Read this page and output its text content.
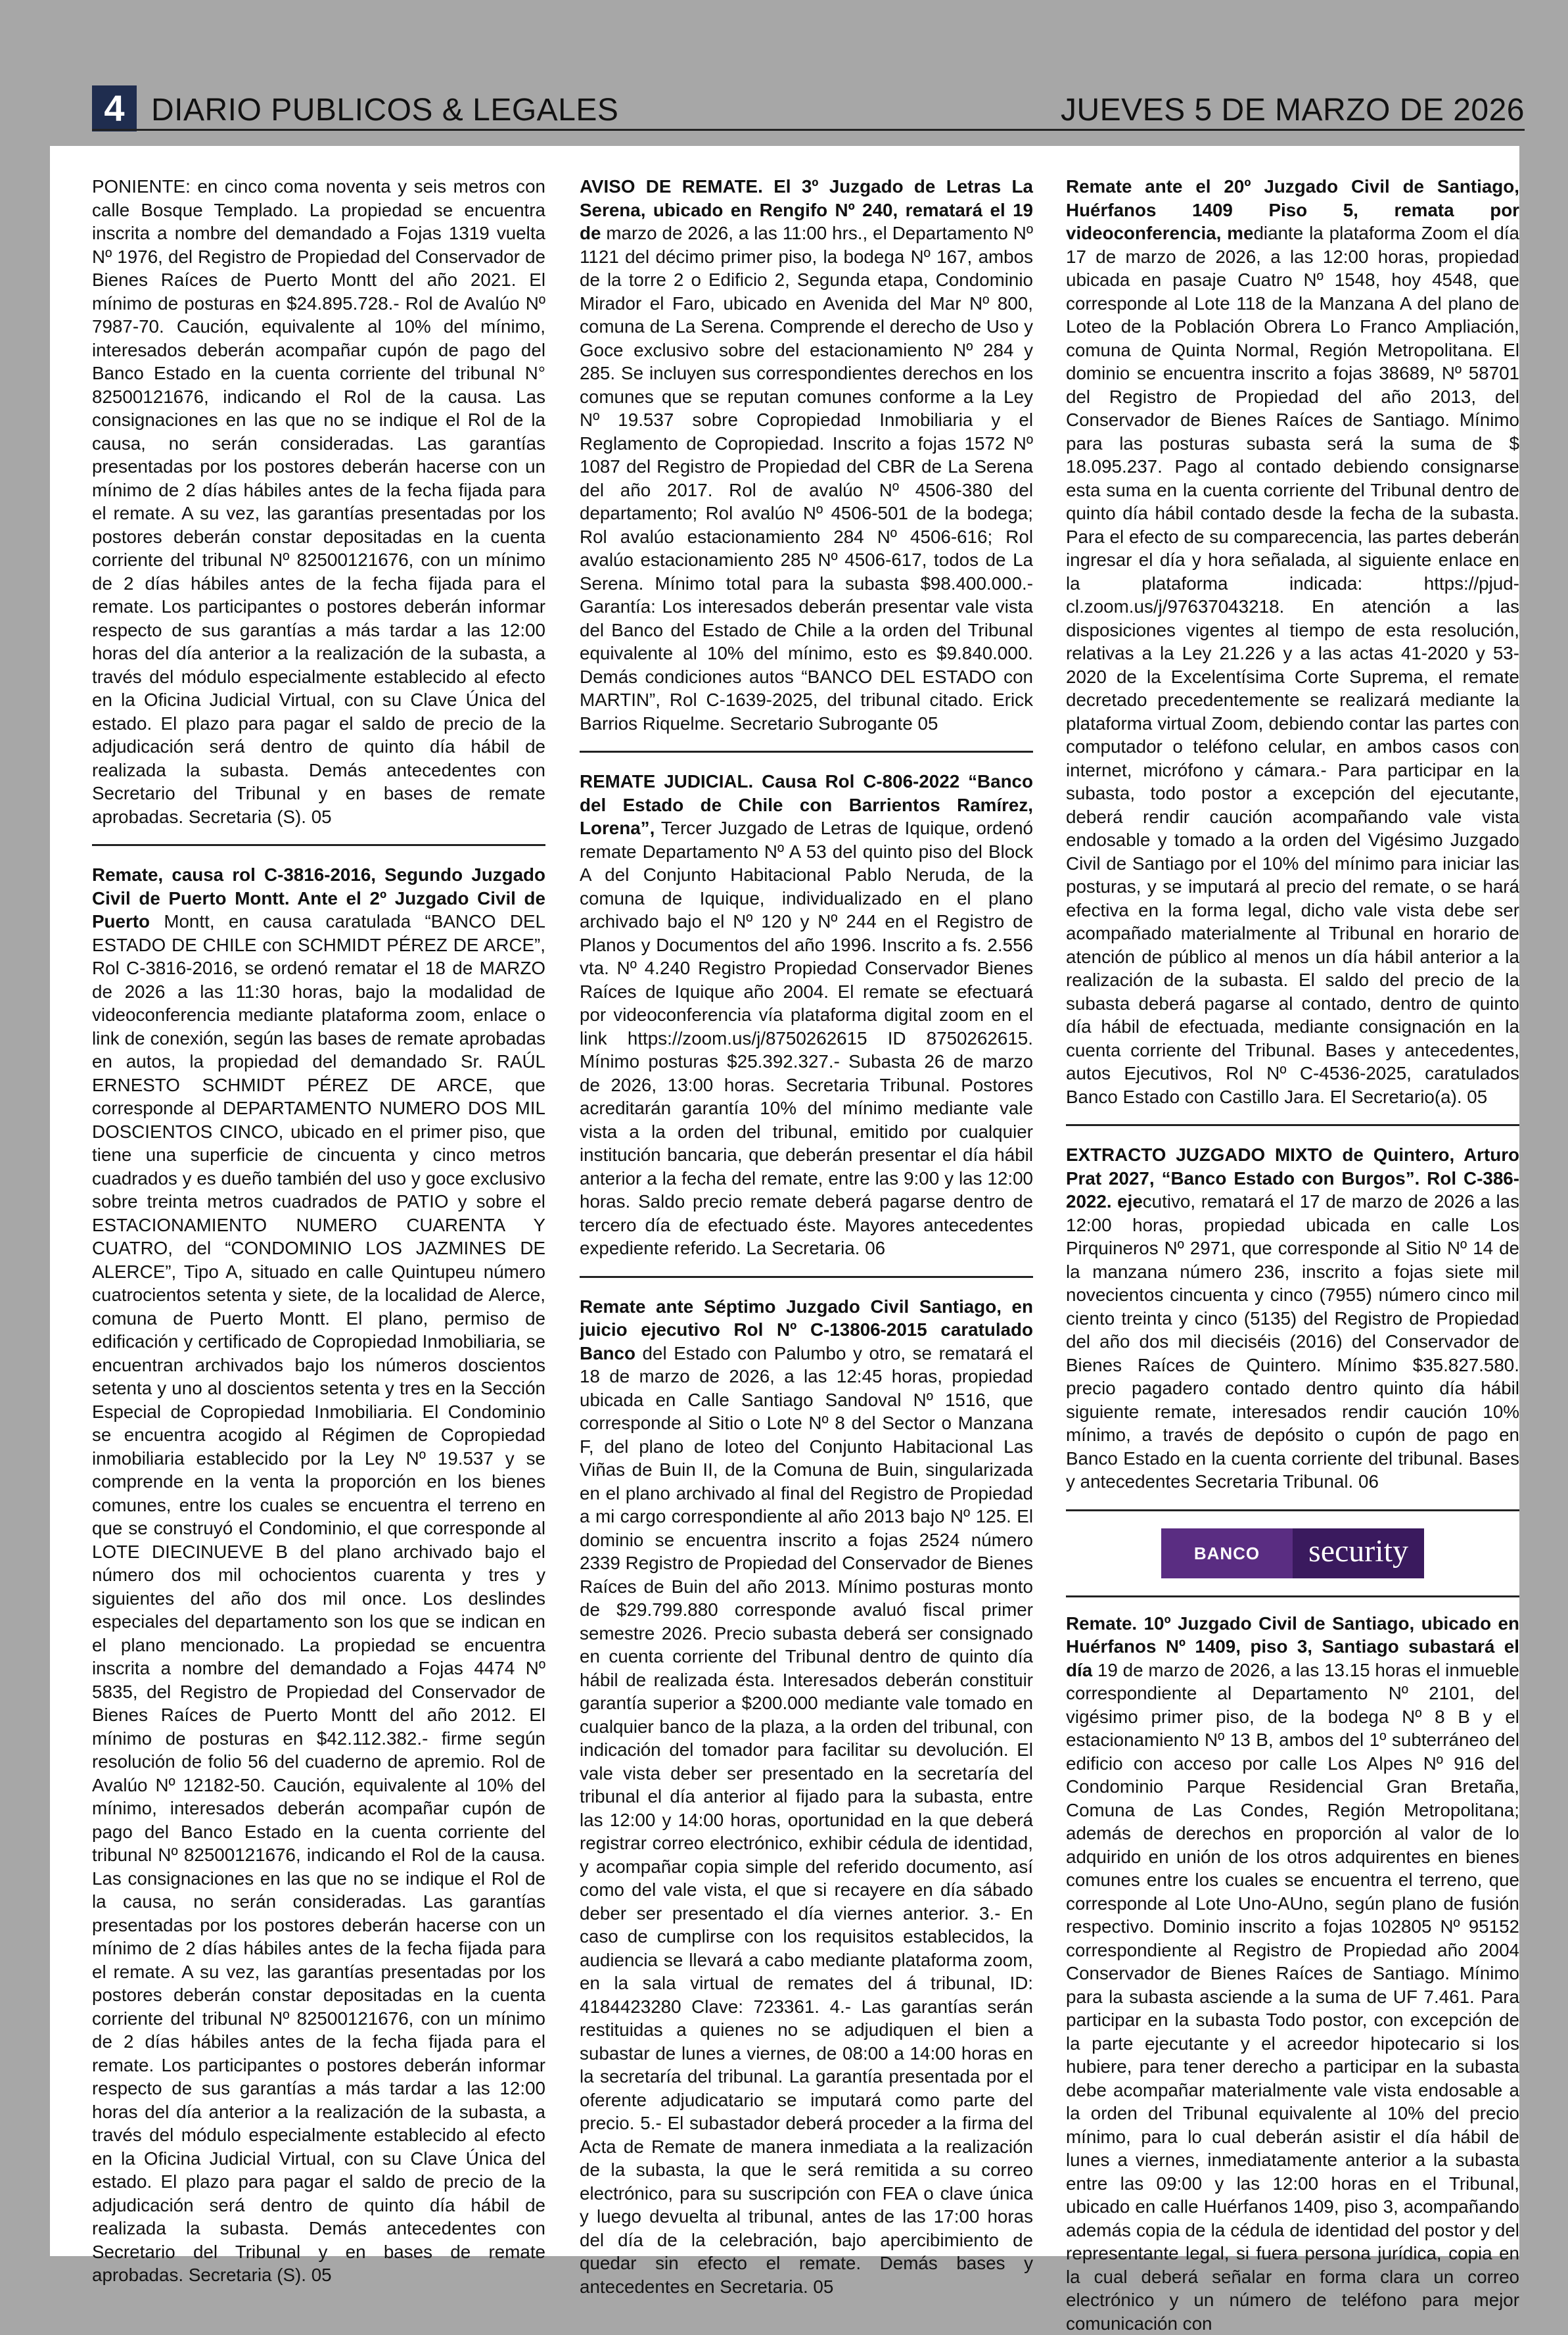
4 DIARIO PUBLICOS & LEGALES	JUEVES 5 DE MARZO DE 2026

PONIENTE: en cinco coma noventa y seis metros con calle Bosque Templado. La propiedad se encuentra inscrita a nombre del demandado a Fojas 1319 vuelta Nº 1976, del Registro de Propiedad del Conservador de Bienes Raíces de Puerto Montt del año 2021. El mínimo de posturas en $24.895.728.- Rol de Avalúo Nº 7987-70. Caución, equivalente al 10% del mínimo, interesados deberán acompañar cupón de pago del Banco Estado en la cuenta corriente del tribunal N° 82500121676, indicando el Rol de la causa. Las consignaciones en las que no se indique el Rol de la causa, no serán consideradas. Las garantías presentadas por los postores deberán hacerse con un mínimo de 2 días hábiles antes de la fecha fijada para el remate. A su vez, las garantías presentadas por los postores deberán constar depositadas en la cuenta corriente del tribunal Nº 82500121676, con un mínimo de 2 días hábiles antes de la fecha fijada para el remate. Los participantes o postores deberán informar respecto de sus garantías a más tardar a las 12:00 horas del día anterior a la realización de la subasta, a través del módulo especialmente establecido al efecto en la Oficina Judicial Virtual, con su Clave Única del estado. El plazo para pagar el saldo de precio de la adjudicación será dentro de quinto día hábil de realizada la subasta. Demás antecedentes con Secretario del Tribunal y en bases de remate aprobadas. Secretaria (S). 05

Remate, causa rol C-3816-2016, Segundo Juzgado Civil de Puerto Montt. Ante el 2º Juzgado Civil de Puerto Montt, en causa caratulada “BANCO DEL ESTADO DE CHILE con SCHMIDT PÉREZ DE ARCE”, Rol C-3816-2016, se ordenó rematar el 18 de MARZO de 2026 a las 11:30 horas, bajo la modalidad de videoconferencia mediante plataforma zoom, enlace o link de conexión, según las bases de remate aprobadas en autos, la propiedad del demandado Sr. RAÚL ERNESTO SCHMIDT PÉREZ DE ARCE, que corresponde al DEPARTAMENTO NUMERO DOS MIL DOSCIENTOS CINCO, ubicado en el primer piso, que tiene una superficie de cincuenta y cinco metros cuadrados y es dueño también del uso y goce exclusivo sobre treinta metros cuadrados de PATIO y sobre el ESTACIONAMIENTO NUMERO CUARENTA Y CUATRO, del “CONDOMINIO LOS JAZMINES DE ALERCE”, Tipo A, situado en calle Quintupeu número cuatrocientos setenta y siete, de la localidad de Alerce, comuna de Puerto Montt. El plano, permiso de edificación y certificado de Copropiedad Inmobiliaria, se encuentran archivados bajo los números doscientos setenta y uno al doscientos setenta y tres en la Sección Especial de Copropiedad Inmobiliaria. El Condominio se encuentra acogido al Régimen de Copropiedad inmobiliaria establecido por la Ley Nº 19.537 y se comprende en la venta la proporción en los bienes comunes, entre los cuales se encuentra el terreno en que se construyó el Condominio, el que corresponde al LOTE DIECINUEVE B del plano archivado bajo el número dos mil ochocientos cuarenta y tres y siguientes del año dos mil once. Los deslindes especiales del departamento son los que se indican en el plano mencionado. La propiedad se encuentra inscrita a nombre del demandado a Fojas 4474 Nº 5835, del Registro de Propiedad del Conservador de Bienes Raíces de Puerto Montt del año 2012. El mínimo de posturas en $42.112.382.- firme según resolución de folio 56 del cuaderno de apremio. Rol de Avalúo Nº 12182-50. Caución, equivalente al 10% del mínimo, interesados deberán acompañar cupón de pago del Banco Estado en la cuenta corriente del tribunal Nº 82500121676, indicando el Rol de la causa. Las consignaciones en las que no se indique el Rol de la causa, no serán consideradas. Las garantías presentadas por los postores deberán hacerse con un mínimo de 2 días hábiles antes de la fecha fijada para el remate. A su vez, las garantías presentadas por los postores deberán constar depositadas en la cuenta corriente del tribunal Nº 82500121676, con un mínimo de 2 días hábiles antes de la fecha fijada para el remate. Los participantes o postores deberán informar respecto de sus garantías a más tardar a las 12:00 horas del día anterior a la realización de la subasta, a través del módulo especialmente establecido al efecto en la Oficina Judicial Virtual, con su Clave Única del estado. El plazo para pagar el saldo de precio de la adjudicación será dentro de quinto día hábil de realizada la subasta. Demás antecedentes con Secretario del Tribunal y en bases de remate aprobadas. Secretaria (S). 05

AVISO DE REMATE. El 3º Juzgado de Letras La Serena, ubicado en Rengifo Nº 240, rematará el 19 de marzo de 2026, a las 11:00 hrs., el Departamento Nº 1121 del décimo primer piso, la bodega Nº 167, ambos de la torre 2 o Edificio 2, Segunda etapa, Condominio Mirador el Faro, ubicado en Avenida del Mar Nº 800, comuna de La Serena. Comprende el derecho de Uso y Goce exclusivo sobre del estacionamiento Nº 284 y 285. Se incluyen sus correspondientes derechos en los comunes que se reputan comunes conforme a la Ley Nº 19.537 sobre Copropiedad Inmobiliaria y el Reglamento de Copropiedad. Inscrito a fojas 1572 Nº 1087 del Registro de Propiedad del CBR de La Serena del año 2017. Rol de avalúo Nº 4506-380 del departamento; Rol avalúo Nº 4506-501 de la bodega; Rol avalúo estacionamiento 284 Nº 4506-616; Rol avalúo estacionamiento 285 Nº 4506-617, todos de La Serena. Mínimo total para la subasta $98.400.000.- Garantía: Los interesados deberán presentar vale vista del Banco del Estado de Chile a la orden del Tribunal equivalente al 10% del mínimo, esto es $9.840.000. Demás condiciones autos “BANCO DEL ESTADO con MARTIN”, Rol C-1639-2025, del tribunal citado. Erick Barrios Riquelme. Secretario Subrogante 05

REMATE JUDICIAL. Causa Rol C-806-2022 “Banco del Estado de Chile con Barrientos Ramírez, Lorena”, Tercer Juzgado de Letras de Iquique, ordenó remate Departamento Nº A 53 del quinto piso del Block A del Conjunto Habitacional Pablo Neruda, de la comuna de Iquique, individualizado en el plano archivado bajo el Nº 120 y Nº 244 en el Registro de Planos y Documentos del año 1996. Inscrito a fs. 2.556 vta. Nº 4.240 Registro Propiedad Conservador Bienes Raíces de Iquique año 2004. El remate se efectuará por videoconferencia vía plataforma digital zoom en el link https://zoom.us/j/8750262615 ID 8750262615. Mínimo posturas $25.392.327.- Subasta 26 de marzo de 2026, 13:00 horas. Secretaria Tribunal. Postores acreditarán garantía 10% del mínimo mediante vale vista a la orden del tribunal, emitido por cualquier institución bancaria, que deberán presentar el día hábil anterior a la fecha del remate, entre las 9:00 y las 12:00 horas. Saldo precio remate deberá pagarse dentro de tercero día de efectuado éste. Mayores antecedentes expediente referido. La Secretaria. 06

Remate ante Séptimo Juzgado Civil Santiago, en juicio ejecutivo Rol Nº C-13806-2015 caratulado Banco del Estado con Palumbo y otro, se rematará el 18 de marzo de 2026, a las 12:45 horas, propiedad ubicada en Calle Santiago Sandoval Nº 1516, que corresponde al Sitio o Lote Nº 8 del Sector o Manzana F, del plano de loteo del Conjunto Habitacional Las Viñas de Buin II, de la Comuna de Buin, singularizada en el plano archivado al final del Registro de Propiedad a mi cargo correspondiente al año 2013 bajo Nº 125. El dominio se encuentra inscrito a fojas 2524 número 2339 Registro de Propiedad del Conservador de Bienes Raíces de Buin del año 2013. Mínimo posturas monto de $29.799.880 corresponde avaluó fiscal primer semestre 2026. Precio subasta deberá ser consignado en cuenta corriente del Tribunal dentro de quinto día hábil de realizada ésta. Interesados deberán constituir garantía superior a $200.000 mediante vale tomado en cualquier banco de la plaza, a la orden del tribunal, con indicación del tomador para facilitar su devolución. El vale vista deber ser presentado en la secretaría del tribunal el día anterior al fijado para la subasta, entre las 12:00 y 14:00 horas, oportunidad en la que deberá registrar correo electrónico, exhibir cédula de identidad, y acompañar copia simple del referido documento, así como del vale vista, el que si recayere en día sábado deber ser presentado el día viernes anterior. 3.- En caso de cumplirse con los requisitos establecidos, la audiencia se llevará a cabo mediante plataforma zoom, en la sala virtual de remates del á tribunal, ID: 4184423280 Clave: 723361. 4.- Las garantías serán restituidas a quienes no se adjudiquen el bien a subastar de lunes a viernes, de 08:00 a 14:00 horas en la secretaría del tribunal. La garantía presentada por el oferente adjudicatario se imputará como parte del precio. 5.- El subastador deberá proceder a la firma del Acta de Remate de manera inmediata a la realización de la subasta, la que le será remitida a su correo electrónico, para su suscripción con FEA o clave única y luego devuelta al tribunal, antes de las 17:00 horas del día de la celebración, bajo apercibimiento de quedar sin efecto el remate. Demás bases y antecedentes en Secretaria. 05

Remate ante el 20º Juzgado Civil de Santiago, Huérfanos 1409 Piso 5, remata por videoconferencia, mediante la plataforma Zoom el día 17 de marzo de 2026, a las 12:00 horas, propiedad ubicada en pasaje Cuatro Nº 1548, hoy 4548, que corresponde al Lote 118 de la Manzana A del plano de Loteo de la Población Obrera Lo Franco Ampliación, comuna de Quinta Normal, Región Metropolitana. El dominio se encuentra inscrito a fojas 38689, Nº 58701 del Registro de Propiedad del año 2013, del Conservador de Bienes Raíces de Santiago. Mínimo para las posturas subasta será la suma de $ 18.095.237. Pago al contado debiendo consignarse esta suma en la cuenta corriente del Tribunal dentro de quinto día hábil contado desde la fecha de la subasta. Para el efecto de su comparecencia, las partes deberán ingresar el día y hora señalada, al siguiente enlace en la plataforma indicada: https://pjud-cl.zoom.us/j/97637043218. En atención a las disposiciones vigentes al tiempo de esta resolución, relativas a la Ley 21.226 y a las actas 41-2020 y 53-2020 de la Excelentísima Corte Suprema, el remate decretado precedentemente se realizará mediante la plataforma virtual Zoom, debiendo contar las partes con computador o teléfono celular, en ambos casos con internet, micrófono y cámara.- Para participar en la subasta, todo postor a excepción del ejecutante, deberá rendir caución acompañando vale vista endosable y tomado a la orden del Vigésimo Juzgado Civil de Santiago por el 10% del mínimo para iniciar las posturas, y se imputará al precio del remate, o se hará efectiva en la forma legal, dicho vale vista debe ser acompañado materialmente al Tribunal en horario de atención de público al menos un día hábil anterior a la realización de la subasta. El saldo del precio de la subasta deberá pagarse al contado, dentro de quinto día hábil de efectuada, mediante consignación en la cuenta corriente del Tribunal. Bases y antecedentes, autos Ejecutivos, Rol Nº C-4536-2025, caratulados Banco Estado con Castillo Jara. El Secretario(a). 05

EXTRACTO JUZGADO MIXTO de Quintero, Arturo Prat 2027, “Banco Estado con Burgos”. Rol C-386-2022. ejecutivo, rematará el 17 de marzo de 2026 a las 12:00 horas, propiedad ubicada en calle Los Pirquineros Nº 2971, que corresponde al Sitio Nº 14 de la manzana número 236, inscrito a fojas siete mil novecientos cincuenta y cinco (7955) número cinco mil ciento treinta y cinco (5135) del Registro de Propiedad del año dos mil dieciséis (2016) del Conservador de Bienes Raíces de Quintero. Mínimo $35.827.580. precio pagadero contado dentro quinto día hábil siguiente remate, interesados rendir caución 10% mínimo, a través de depósito o cupón de pago en Banco Estado en la cuenta corriente del tribunal. Bases y antecedentes Secretaria Tribunal. 06

BANCO	security

Remate. 10º Juzgado Civil de Santiago, ubicado en Huérfanos Nº 1409, piso 3, Santiago subastará el día 19 de marzo de 2026, a las 13.15 horas el inmueble correspondiente al Departamento Nº 2101, del vigésimo primer piso, de la bodega Nº 8 B y el estacionamiento Nº 13 B, ambos del 1º subterráneo del edificio con acceso por calle Los Alpes Nº 916 del Condominio Parque Residencial Gran Bretaña, Comuna de Las Condes, Región Metropolitana; además de derechos en proporción al valor de lo adquirido en unión de los otros adquirentes en bienes comunes entre los cuales se encuentra el terreno, que corresponde al Lote Uno-AUno, según plano de fusión respectivo. Dominio inscrito a fojas 102805 Nº 95152 correspondiente al Registro de Propiedad año 2004 Conservador de Bienes Raíces de Santiago. Mínimo para la subasta asciende a la suma de UF 7.461. Para participar en la subasta Todo postor, con excepción de la parte ejecutante y el acreedor hipotecario si los hubiere, para tener derecho a participar en la subasta debe acompañar materialmente vale vista endosable a la orden del Tribunal equivalente al 10% del precio mínimo, para lo cual deberán asistir el día hábil de lunes a viernes, inmediatamente anterior a la subasta entre las 09:00 y las 12:00 horas en el Tribunal, ubicado en calle Huérfanos 1409, piso 3, acompañando además copia de la cédula de identidad del postor y del representante legal, si fuera persona jurídica, copia en la cual deberá señalar en forma clara un correo electrónico y un número de teléfono para mejor comunicación con
